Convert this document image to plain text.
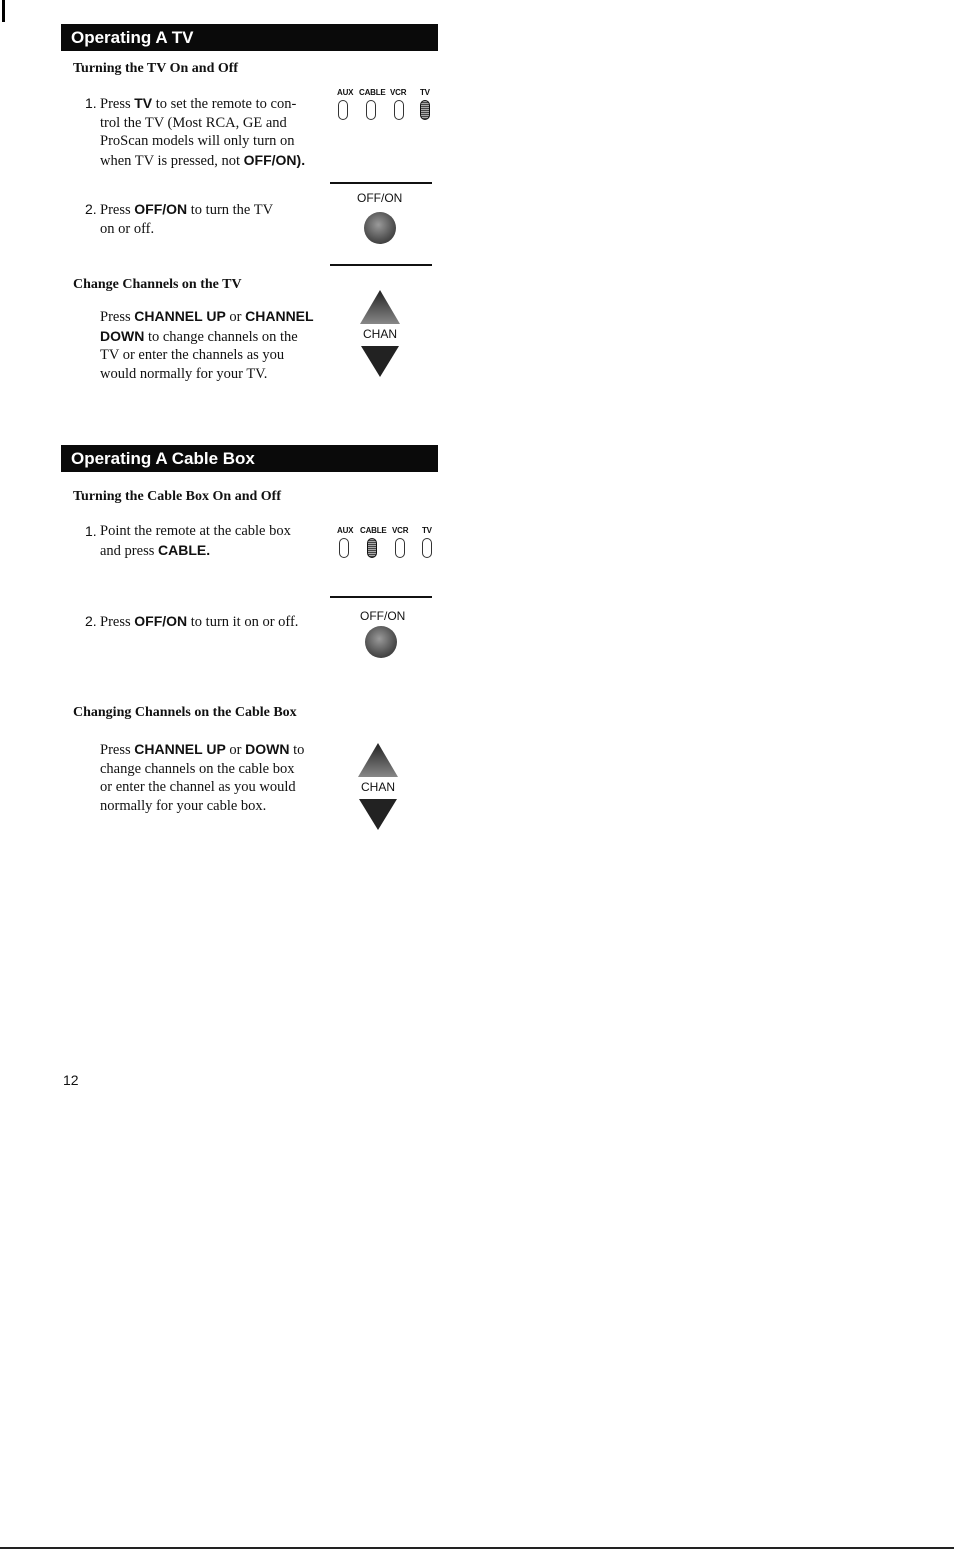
Operating A TV
Turning the TV On and Off
1. Press TV to set the remote to con-
trol the TV (Most RCA, GE and
ProScan models will only turn on
when TV is pressed, not OFF/ON).
AUX CABLE VCR TV
2. Press OFF/ON to turn the TV
on or off.
OFF/ON
Change Channels on the TV
Press CHANNEL UP or CHANNEL
DOWN to change channels on the
TV or enter the channels as you
would normally for your TV.
CHAN
Operating A Cable Box
Turning the Cable Box On and Off
1. Point the remote at the cable box
and press CABLE.
AUX CABLE VCR TV
2. Press OFF/ON to turn it on or off.	OFF/ON
Changing Channels on the Cable Box
Press CHANNEL UP or DOWN to
change channels on the cable box
or enter the channel as you would
normally for your cable box.
CHAN
12
